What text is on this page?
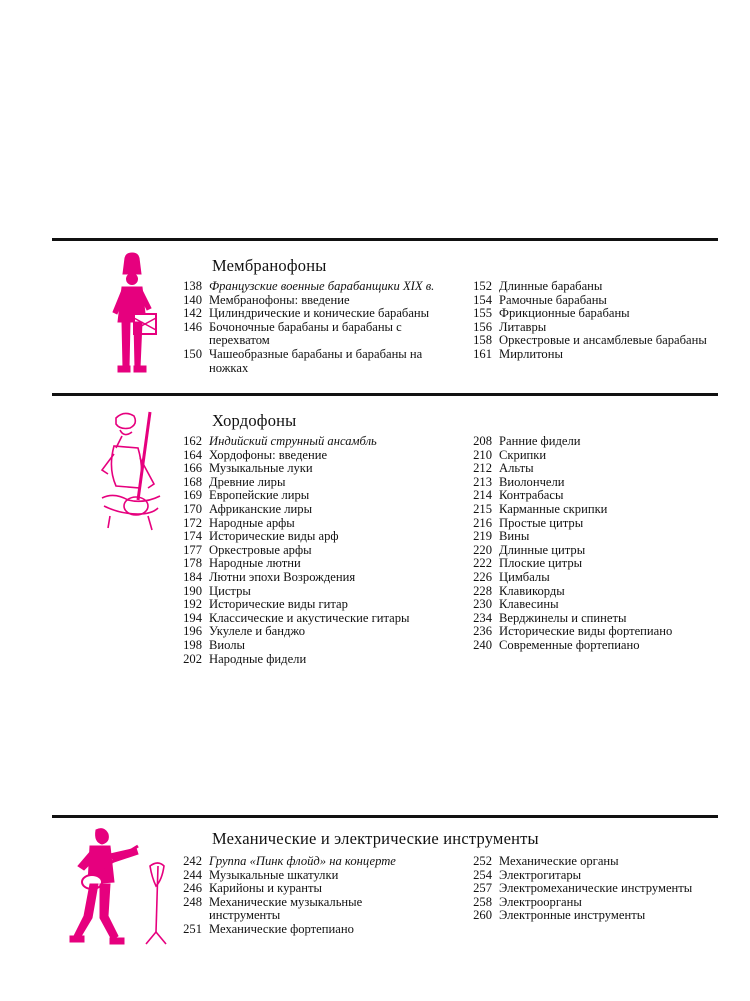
Мембранофоны
138 Французские военные барабанщики XIX в.
140 Мембранофоны: введение
142 Цилиндрические и конические барабаны
146 Бочоночные барабаны и барабаны с перехватом
150 Чашеобразные барабаны и барабаны на ножках
152 Длинные барабаны
154 Рамочные барабаны
155 Фрикционные барабаны
156 Литавры
158 Оркестровые и ансамблевые барабаны
161 Мирлитоны
Хордофоны
162 Индийский струнный ансамбль
164 Хордофоны: введение
166 Музыкальные луки
168 Древние лиры
169 Европейские лиры
170 Африканские лиры
172 Народные арфы
174 Исторические виды арф
177 Оркестровые арфы
178 Народные лютни
184 Лютни эпохи Возрождения
190 Цистры
192 Исторические виды гитар
194 Классические и акустические гитары
196 Укулеле и банджо
198 Виолы
202 Народные фидели
208 Ранние фидели
210 Скрипки
212 Альты
213 Виолончели
214 Контрабасы
215 Карманные скрипки
216 Простые цитры
219 Вины
220 Длинные цитры
222 Плоские цитры
226 Цимбалы
228 Клавикорды
230 Клавесины
234 Верджинелы и спинеты
236 Исторические виды фортепиано
240 Современные фортепиано
Механические и электрические инструменты
242 Группа «Пинк флойд» на концерте
244 Музыкальные шкатулки
246 Карийоны и куранты
248 Механические музыкальные инструменты
251 Механические фортепиано
252 Механические органы
254 Электрогитары
257 Электромеханические инструменты
258 Электроорганы
260 Электронные инструменты
